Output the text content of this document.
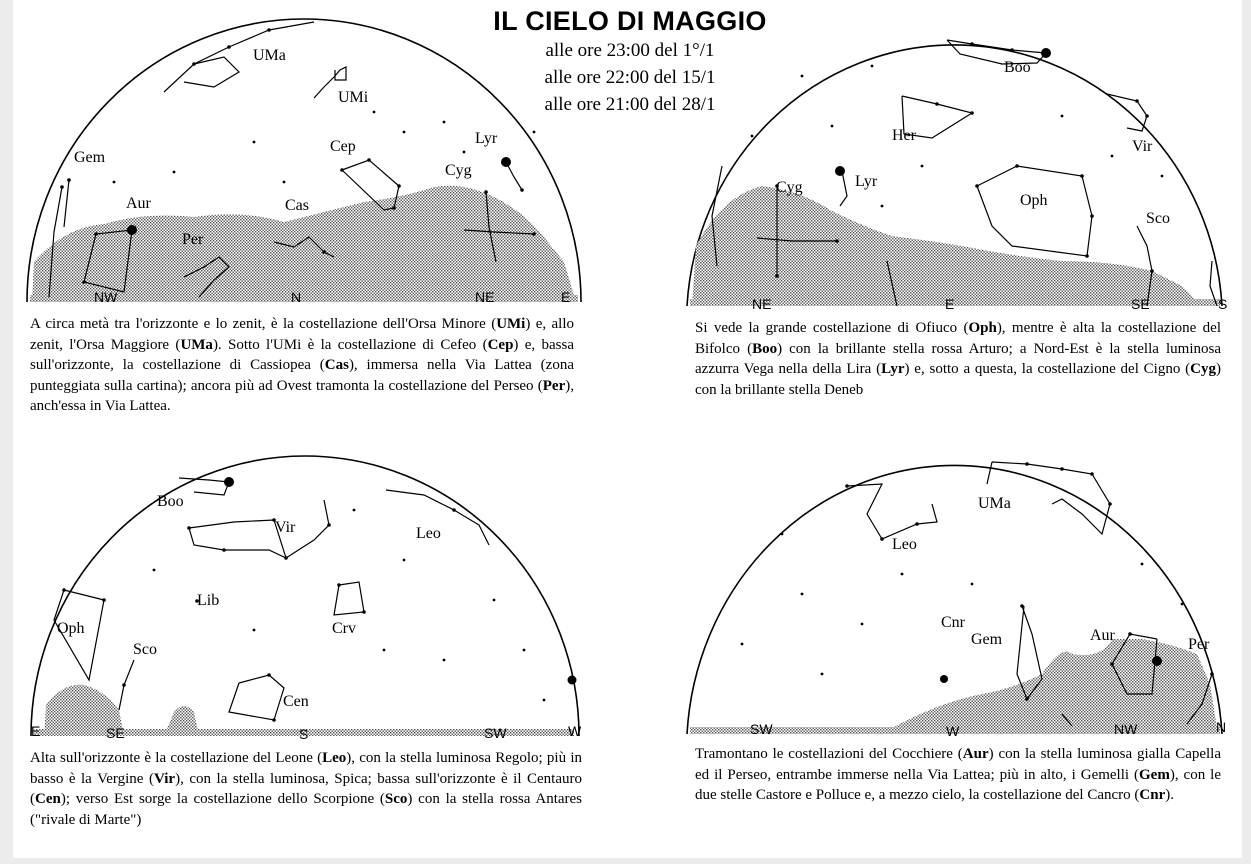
IL CIELO DI MAGGIO
alle ore 23:00 del 1°/1
alle ore 22:00 del 15/1
alle ore 21:00 del 28/1
UMa
UMi
Gem
Aur
Per
Cas
Cep	Lyr
Cyg
NW	N	NE	E
A circa metà tra l'orizzonte e lo zenit, è la costellazione dell'Orsa Minore (UMi) e, allo zenit, l'Orsa Maggiore (UMa). Sotto l'UMi è la costellazione di Cefeo (Cep) e, bassa sull'orizzonte, la costellazione di Cassiopea (Cas), immersa nella Via Lattea (zona punteggiata sulla cartina); ancora più ad Ovest tramonta la costellazione del Perseo (Per), anch'essa in Via Lattea.
Boo
Vir
Her
Lyr
Cyg
Oph
Sco
NE	E	SE	S
Si vede la grande costellazione di Ofiuco (Oph), mentre è alta la costellazione del Bifolco (Boo) con la brillante stella rossa Arturo; a Nord-Est è la stella luminosa azzurra Vega nella della Lira (Lyr) e, sotto a questa, la costellazione del Cigno (Cyg) con la brillante stella Deneb
Boo
Vir	Leo
Lib
Crv
Oph
Sco
Cen
E	SE	S	SW	W
Alta sull'orizzonte è la costellazione del Leone (Leo), con la stella luminosa Regolo; più in basso è la Vergine (Vir), con la stella luminosa, Spica; bassa sull'orizzonte è il Centauro (Cen); verso Est sorge la costellazione dello Scorpione (Sco) con la stella rossa Antares ("rivale di Marte")
UMa
Leo
Cnr
Gem	Aur
Per
SW	W	NW	N
Tramontano le costellazioni del Cocchiere (Aur) con la stella luminosa gialla Capella ed il Perseo, entrambe immerse nella Via Lattea; più in alto, i Gemelli (Gem), con le due stelle Castore e Polluce e, a mezzo cielo, la costellazione del Cancro (Cnr).
